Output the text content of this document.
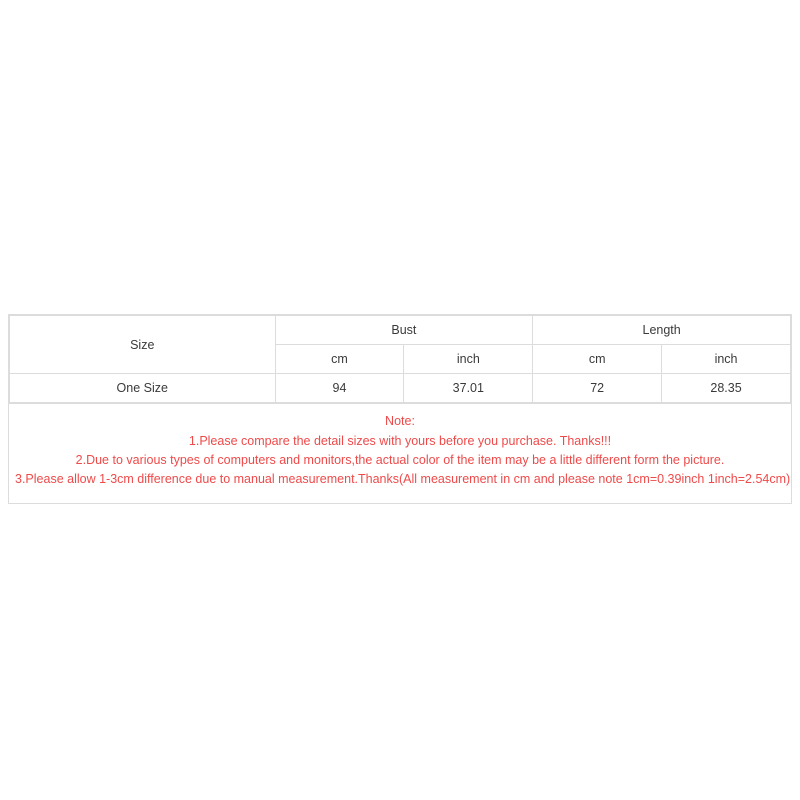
Size	Bust		Length	
	cm	inch	cm	inch
One Size	94	37.01	72	28.35
Note:
1.Please compare the detail sizes with yours before you purchase. Thanks!!!
2.Due to various types of computers and monitors,the actual color of the item may be a little different form the picture.
3.Please allow 1-3cm difference due to manual measurement.Thanks(All measurement in cm and please note 1cm=0.39inch 1inch=2.54cm)
